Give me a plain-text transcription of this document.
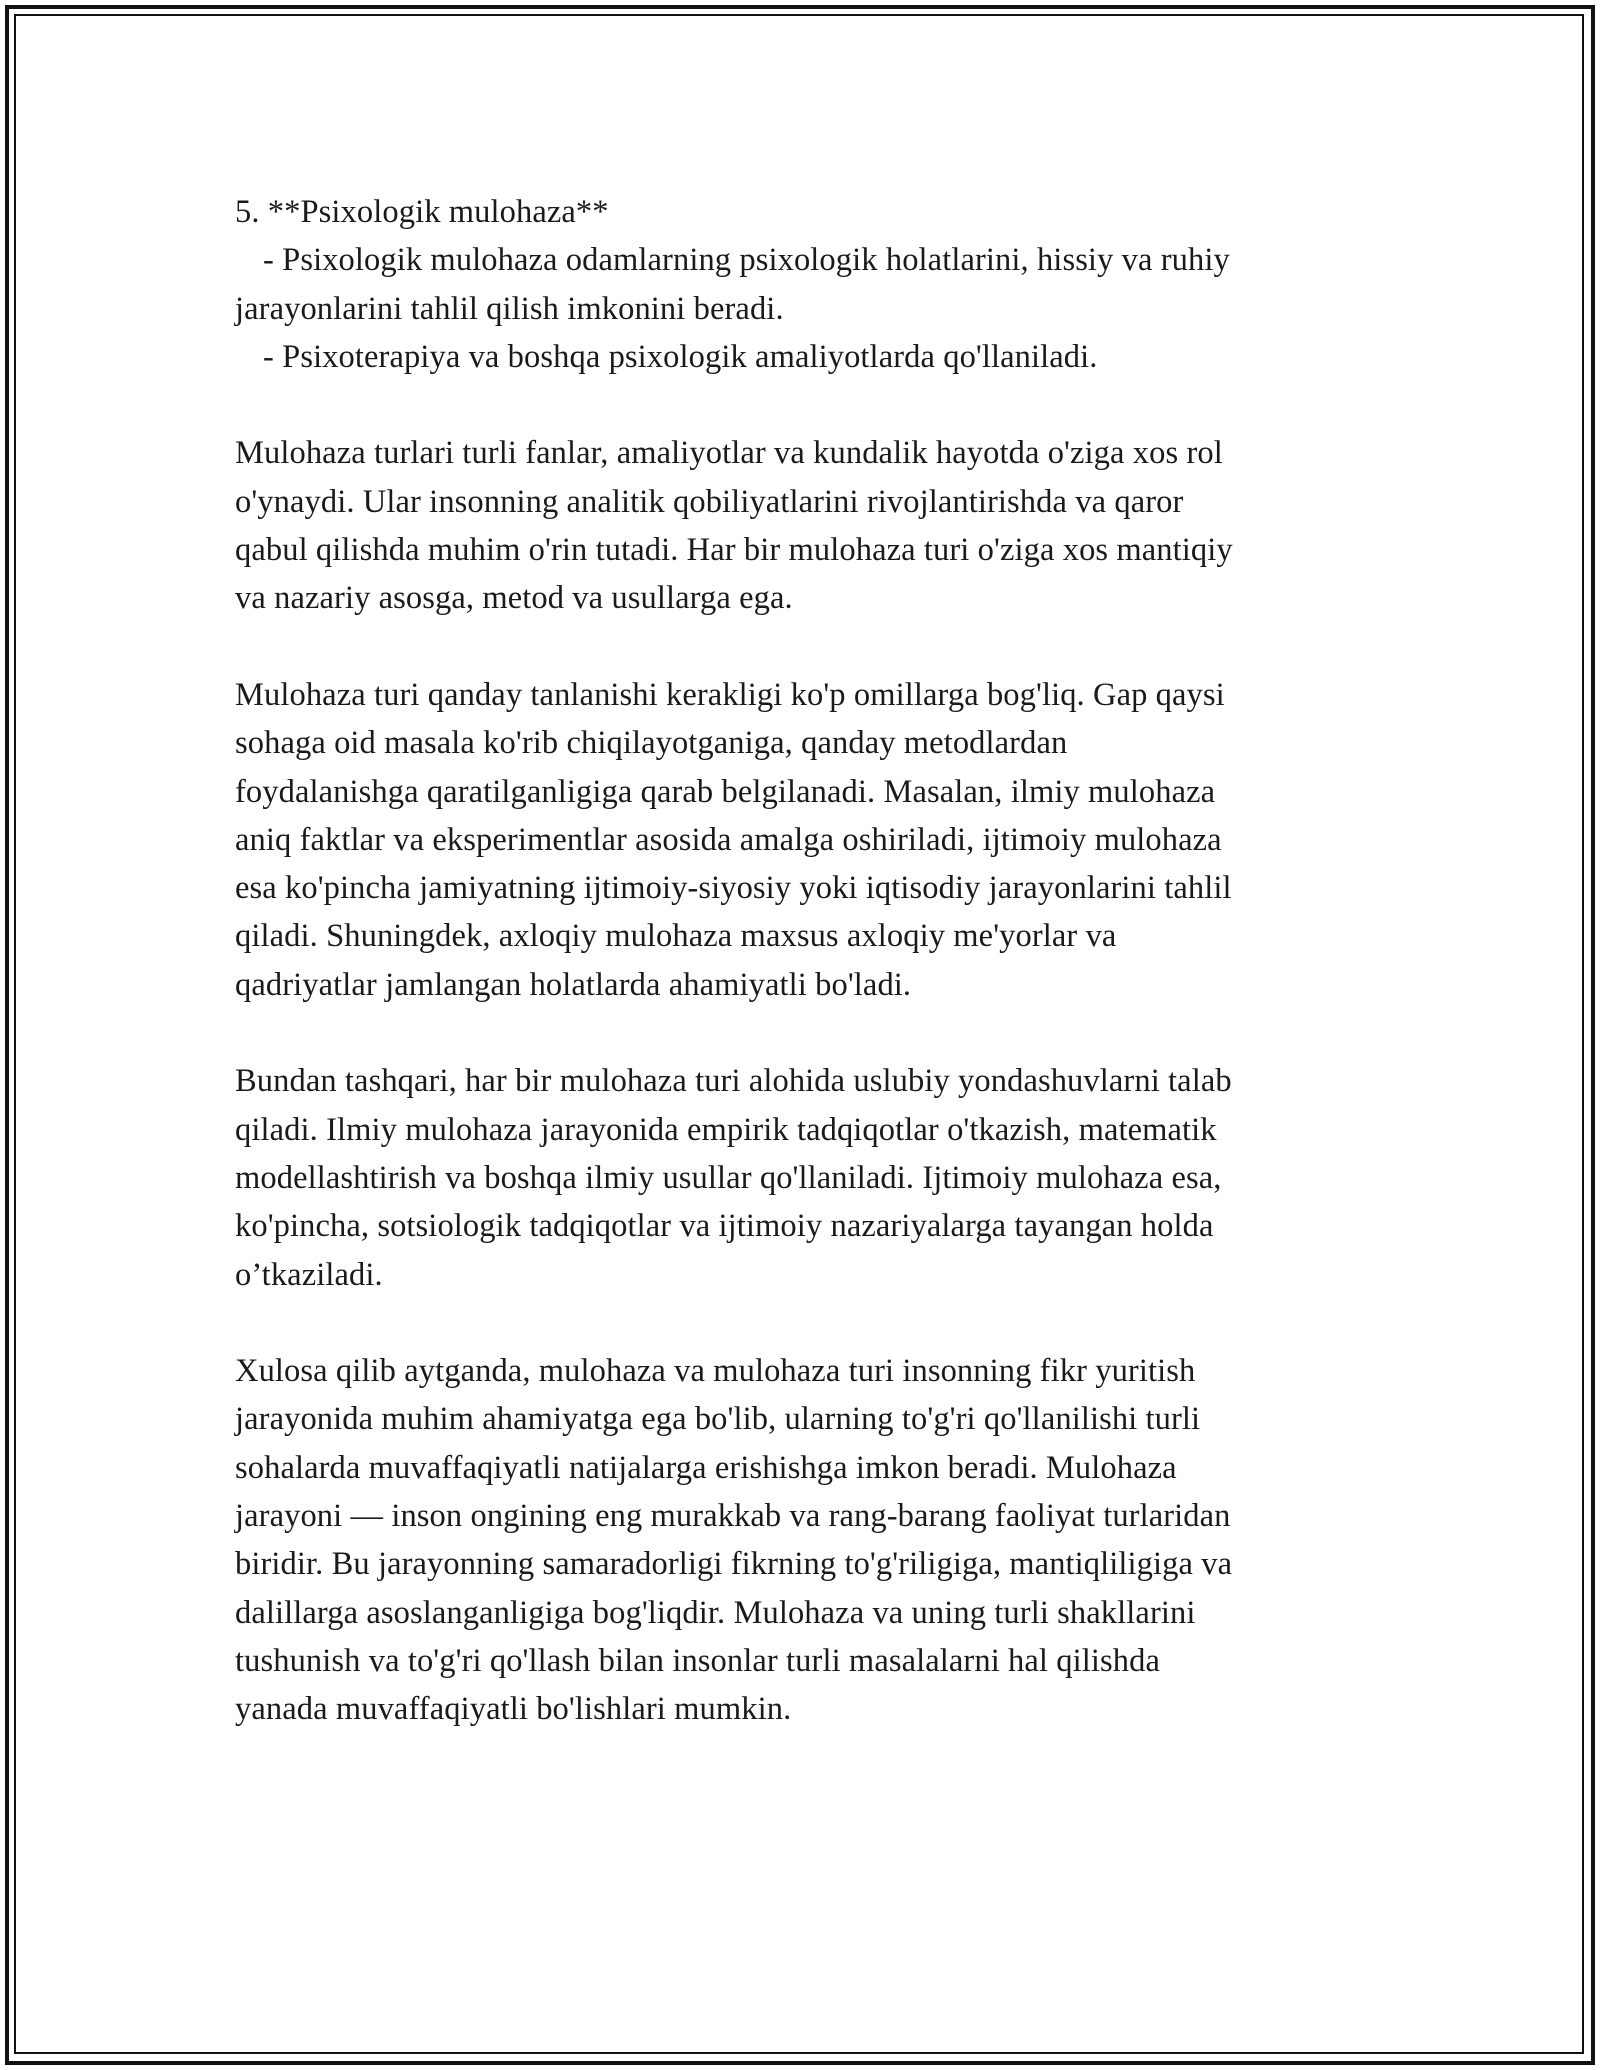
5. **Psixologik mulohaza**
- Psixologik mulohaza odamlarning psixologik holatlarini, hissiy va ruhiy
jarayonlarini tahlil qilish imkonini beradi.
- Psixoterapiya va boshqa psixologik amaliyotlarda qo'llaniladi.
Mulohaza turlari turli fanlar, amaliyotlar va kundalik hayotda o'ziga xos rol
o'ynaydi. Ular insonning analitik qobiliyatlarini rivojlantirishda va qaror
qabul qilishda muhim o'rin tutadi. Har bir mulohaza turi o'ziga xos mantiqiy
va nazariy asosga, metod va usullarga ega.
Mulohaza turi qanday tanlanishi kerakligi ko'p omillarga bog'liq. Gap qaysi
sohaga oid masala ko'rib chiqilayotganiga, qanday metodlardan
foydalanishga qaratilganligiga qarab belgilanadi. Masalan, ilmiy mulohaza
aniq faktlar va eksperimentlar asosida amalga oshiriladi, ijtimoiy mulohaza
esa ko'pincha jamiyatning ijtimoiy-siyosiy yoki iqtisodiy jarayonlarini tahlil
qiladi. Shuningdek, axloqiy mulohaza maxsus axloqiy me'yorlar va
qadriyatlar jamlangan holatlarda ahamiyatli bo'ladi.
Bundan tashqari, har bir mulohaza turi alohida uslubiy yondashuvlarni talab
qiladi. Ilmiy mulohaza jarayonida empirik tadqiqotlar o'tkazish, matematik
modellashtirish va boshqa ilmiy usullar qo'llaniladi. Ijtimoiy mulohaza esa,
ko'pincha, sotsiologik tadqiqotlar va ijtimoiy nazariyalarga tayangan holda
o’tkaziladi.
Xulosa qilib aytganda, mulohaza va mulohaza turi insonning fikr yuritish
jarayonida muhim ahamiyatga ega bo'lib, ularning to'g'ri qo'llanilishi turli
sohalarda muvaffaqiyatli natijalarga erishishga imkon beradi. Mulohaza
jarayoni — inson ongining eng murakkab va rang-barang faoliyat turlaridan
biridir. Bu jarayonning samaradorligi fikrning to'g'riligiga, mantiqliligiga va
dalillarga asoslanganligiga bog'liqdir. Mulohaza va uning turli shakllarini
tushunish va to'g'ri qo'llash bilan insonlar turli masalalarni hal qilishda
yanada muvaffaqiyatli bo'lishlari mumkin.
